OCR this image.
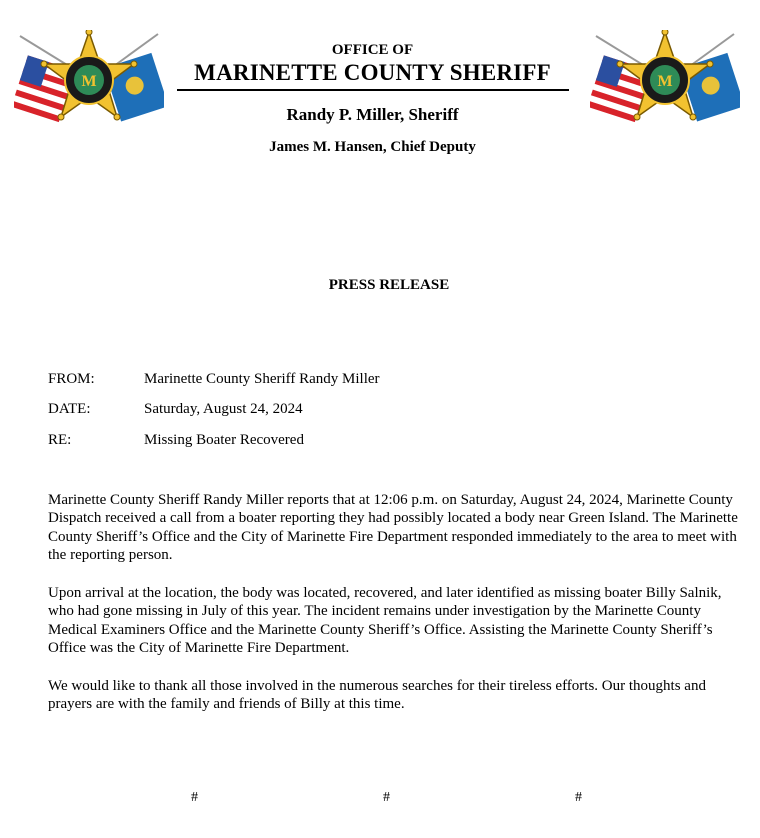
M	M
OFFICE OF
MARINETTE COUNTY SHERIFF
Randy P. Miller, Sheriff
James M. Hansen, Chief Deputy
PRESS RELEASE
FROM:	Marinette County Sheriff Randy Miller
DATE:	Saturday, August 24, 2024
RE:	Missing Boater Recovered

Marinette County Sheriff Randy Miller reports that at 12:06 p.m. on Saturday, August 24, 2024, Marinette County Dispatch received a call from a boater reporting they had possibly located a body near Green Island. The Marinette County Sheriff’s Office and the City of Marinette Fire Department responded immediately to the area to meet with the reporting person.

Upon arrival at the location, the body was located, recovered, and later identified as missing boater Billy Salnik, who had gone missing in July of this year. The incident remains under investigation by the Marinette County Medical Examiners Office and the Marinette County Sheriff’s Office. Assisting the Marinette County Sheriff’s Office was the City of Marinette Fire Department.

We would like to thank all those involved in the numerous searches for their tireless efforts. Our thoughts and prayers are with the family and friends of Billy at this time.

#	#	#
